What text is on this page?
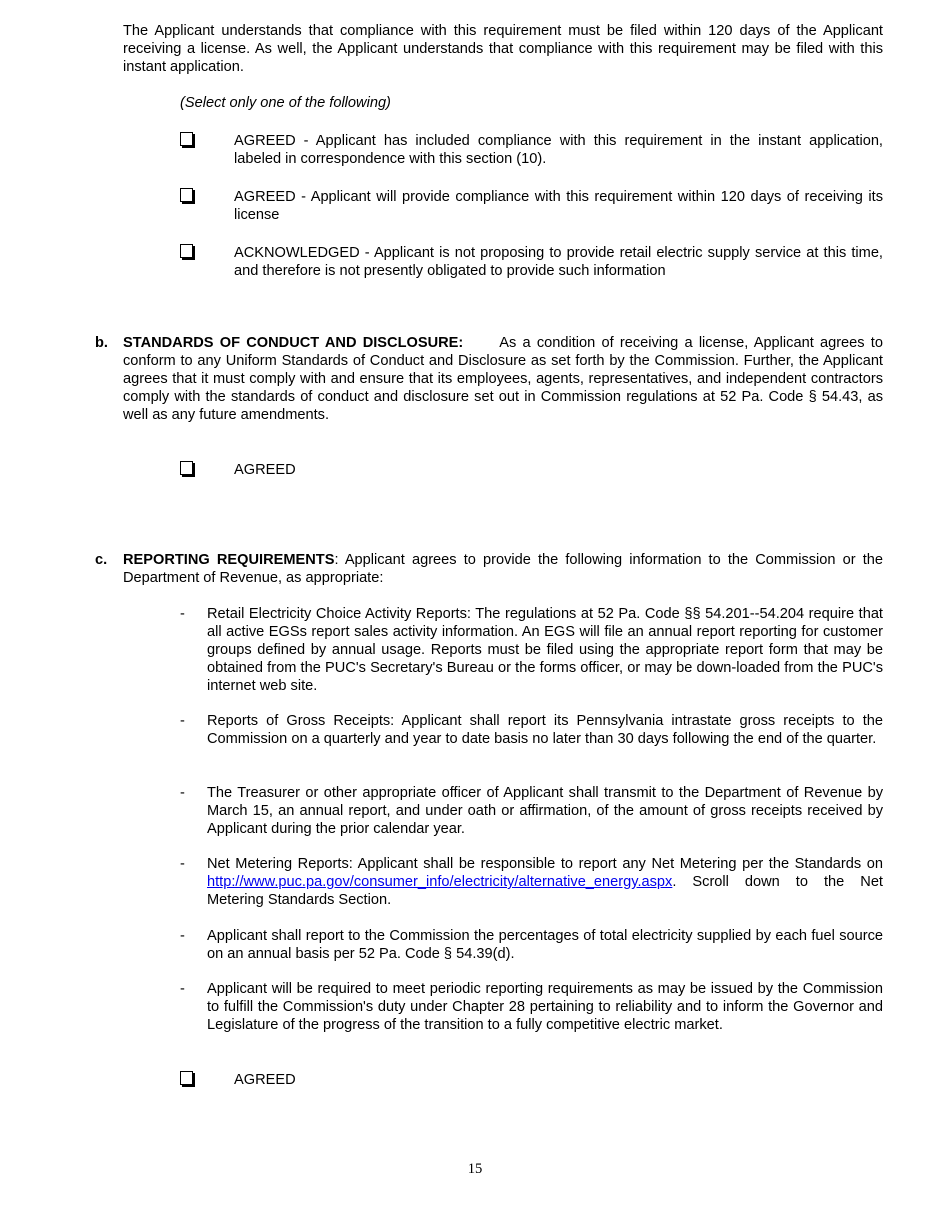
The Applicant understands that compliance with this requirement must be filed within 120 days of the Applicant receiving a license. As well, the Applicant understands that compliance with this requirement may be filed with this instant application.

(Select only one of the following)

AGREED - Applicant has included compliance with this requirement in the instant application, labeled in correspondence with this section (10).
AGREED - Applicant will provide compliance with this requirement within 120 days of receiving its license
ACKNOWLEDGED - Applicant is not proposing to provide retail electric supply service at this time, and therefore is not presently obligated to provide such information
b. STANDARDS OF CONDUCT AND DISCLOSURE: As a condition of receiving a license, Applicant agrees to conform to any Uniform Standards of Conduct and Disclosure as set forth by the Commission. Further, the Applicant agrees that it must comply with and ensure that its employees, agents, representatives, and independent contractors comply with the standards of conduct and disclosure set out in Commission regulations at 52 Pa. Code § 54.43, as well as any future amendments.

AGREED
c. REPORTING REQUIREMENTS: Applicant agrees to provide the following information to the Commission or the Department of Revenue, as appropriate:

- Retail Electricity Choice Activity Reports: The regulations at 52 Pa. Code §§ 54.201--54.204 require that all active EGSs report sales activity information. An EGS will file an annual report reporting for customer groups defined by annual usage. Reports must be filed using the appropriate report form that may be obtained from the PUC's Secretary's Bureau or the forms officer, or may be down-loaded from the PUC's internet web site.

- Reports of Gross Receipts: Applicant shall report its Pennsylvania intrastate gross receipts to the Commission on a quarterly and year to date basis no later than 30 days following the end of the quarter.

- The Treasurer or other appropriate officer of Applicant shall transmit to the Department of Revenue by March 15, an annual report, and under oath or affirmation, of the amount of gross receipts received by Applicant during the prior calendar year.

- Net Metering Reports: Applicant shall be responsible to report any Net Metering per the Standards on http://www.puc.pa.gov/consumer_info/electricity/alternative_energy.aspx. Scroll down to the Net Metering Standards Section.

- Applicant shall report to the Commission the percentages of total electricity supplied by each fuel source on an annual basis per 52 Pa. Code § 54.39(d).

- Applicant will be required to meet periodic reporting requirements as may be issued by the Commission to fulfill the Commission's duty under Chapter 28 pertaining to reliability and to inform the Governor and Legislature of the progress of the transition to a fully competitive electric market.

AGREED
15
